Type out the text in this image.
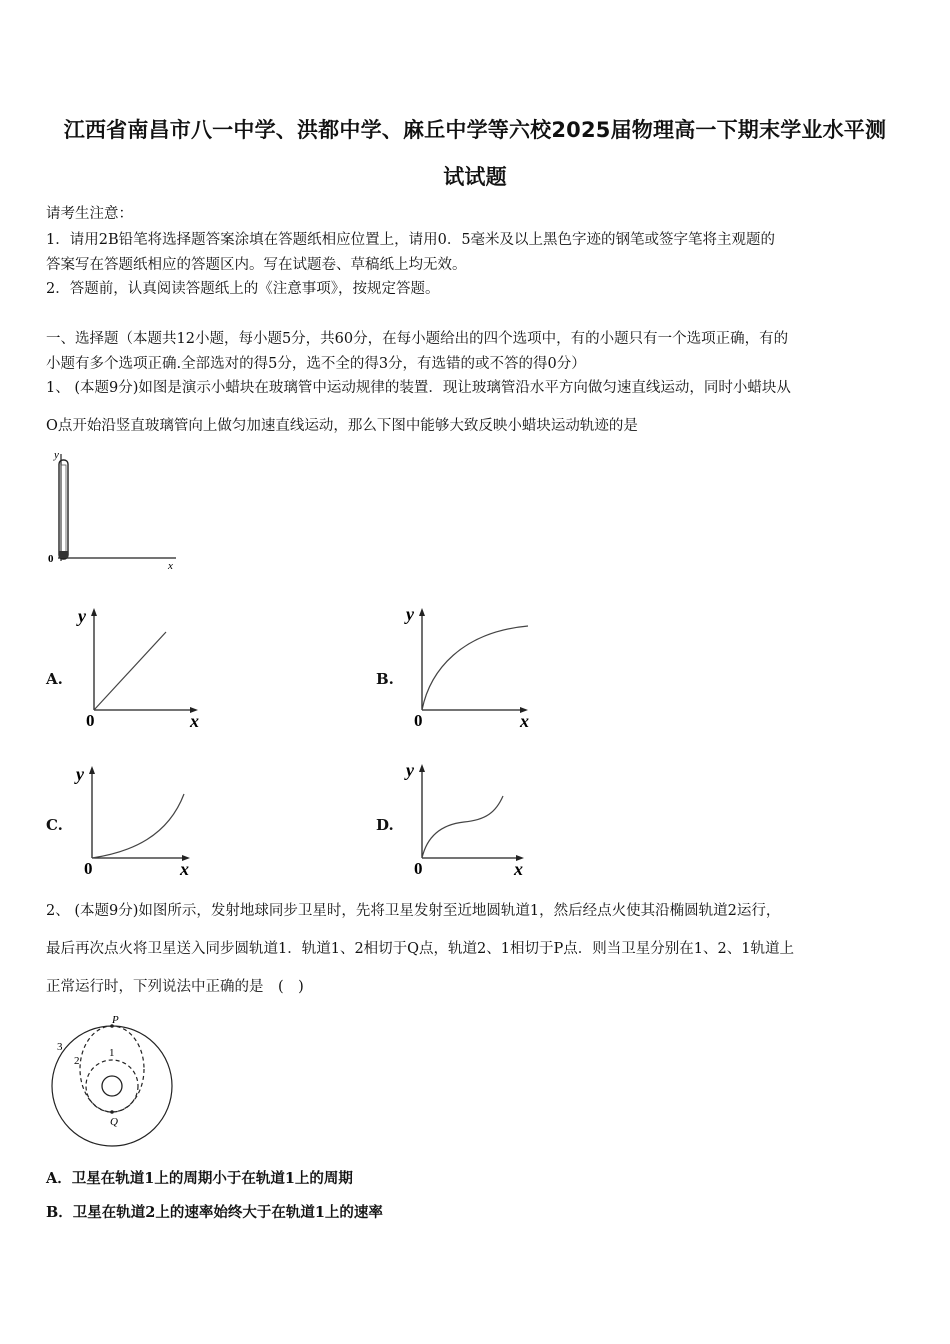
江西省南昌市八一中学、洪都中学、麻丘中学等六校2025届物理高一下期末学业水平测
试试题
请考生注意：
1．请用2B铅笔将选择题答案涂填在答题纸相应位置上，请用0．5毫米及以上黑色字迹的钢笔或签字笔将主观题的
答案写在答题纸相应的答题区内。写在试题卷、草稿纸上均无效。
2．答题前，认真阅读答题纸上的《注意事项》，按规定答题。
一、选择题（本题共12小题，每小题5分，共60分，在每小题给出的四个选项中，有的小题只有一个选项正确，有的
小题有多个选项正确.全部选对的得5分，选不全的得3分，有选错的或不答的得0分）
1、 (本题9分)如图是演示小蜡块在玻璃管中运动规律的装置．现让玻璃管沿水平方向做匀速直线运动，同时小蜡块从
O点开始沿竖直玻璃管向上做匀加速直线运动，那么下图中能够大致反映小蜡块运动轨迹的是
y
0
x
A.
y
0	x
B.
y
0	x
C.
y
0	x
D.
y
0	x
2、 (本题9分)如图所示，发射地球同步卫星时，先将卫星发射至近地圆轨道1，然后经点火使其沿椭圆轨道2运行，
最后再次点火将卫星送入同步圆轨道1．轨道1、2相切于Q点，轨道2、1相切于P点．则当卫星分别在1、2、1轨道上
正常运行时，下列说法中正确的是　(　)
P
Q
3
2
1
A．卫星在轨道1上的周期小于在轨道1上的周期
B．卫星在轨道2上的速率始终大于在轨道1上的速率
